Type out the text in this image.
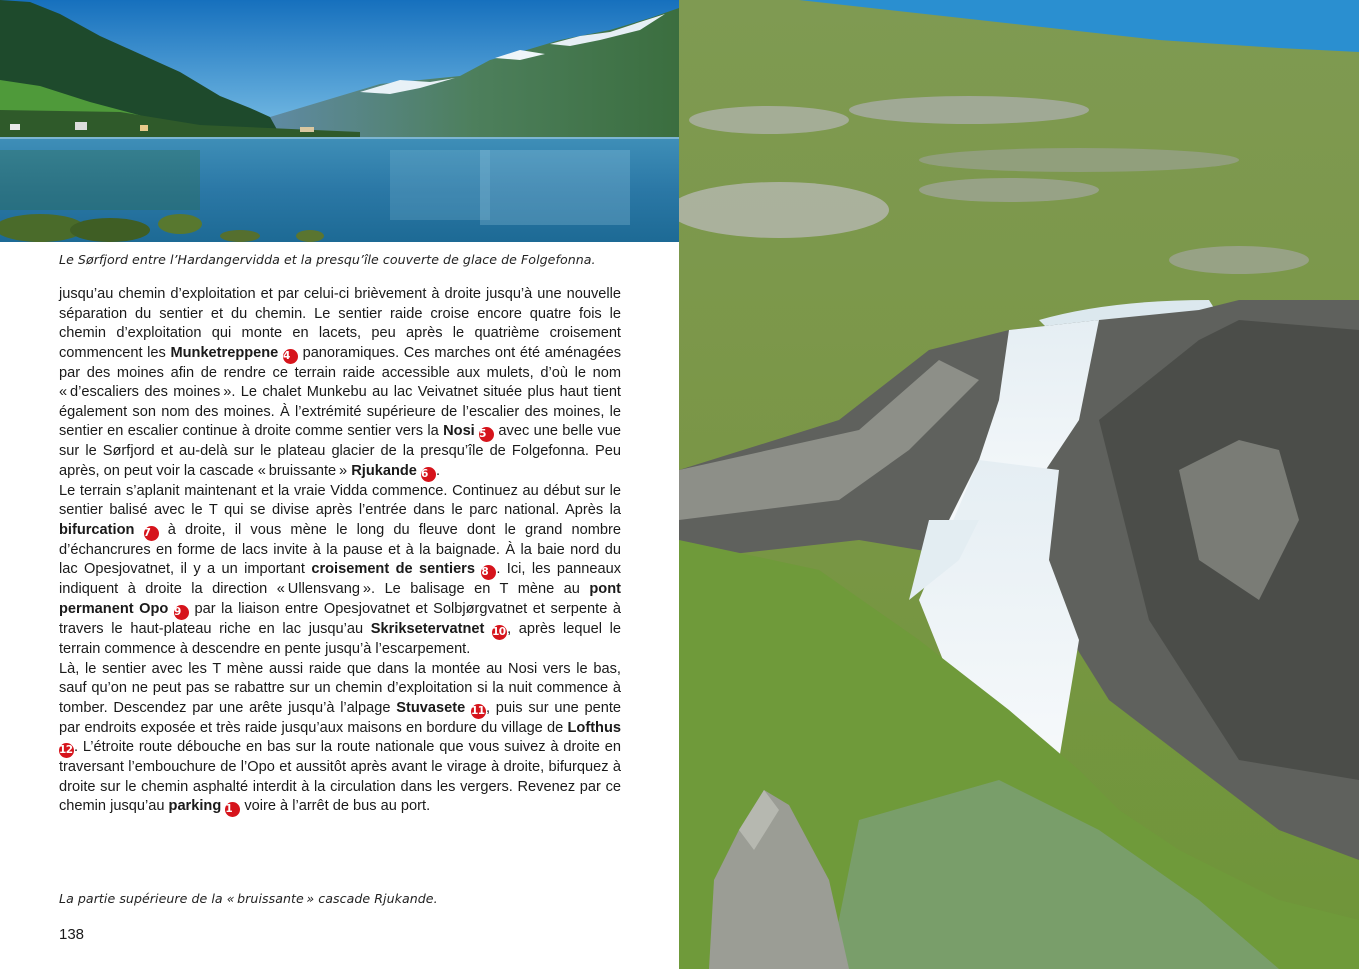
Le Sørfjord entre l’Hardangervidda et la presqu’île couverte de glace de Folgefonna.

jusqu’au chemin d’exploitation et par celui-ci brièvement à droite jusqu’à une nouvelle séparation du sentier et du chemin. Le sentier raide croise encore quatre fois le chemin d’exploitation qui monte en lacets, peu après le quatrième croisement commencent les Munketreppene 4 panoramiques. Ces marches ont été aménagées par des moines afin de rendre ce terrain raide accessible aux mulets, d’où le nom « d’escaliers des moines ». Le chalet Munkebu au lac Veivatnet située plus haut tient également son nom des moines. À l’extrémité supérieure de l’escalier des moines, le sentier en escalier continue à droite comme sentier vers la Nosi 5 avec une belle vue sur le Sørfjord et au-delà sur le plateau glacier de la presqu’île de Folgefonna. Peu après, on peut voir la cascade « bruissante » Rjukande 6 .

Le terrain s’aplanit maintenant et la vraie Vidda commence. Continuez au début sur le sentier balisé avec le T qui se divise après l’entrée dans le parc national. Après la bifurcation 7 à droite, il vous mène le long du fleuve dont le grand nombre d’échancrures en forme de lacs invite à la pause et à la baignade. À la baie nord du lac Opesjovatnet, il y a un important croisement de sentiers 8 . Ici, les panneaux indiquent à droite la direction « Ullensvang ». Le balisage en T mène au pont permanent Opo 9 par la liaison entre Opesjovatnet et Solbjørgvatnet et serpente à travers le haut-plateau riche en lac jusqu’au Skriksetervatnet 10 , après lequel le terrain commence à descendre en pente jusqu’à l’escarpement.

Là, le sentier avec les T mène aussi raide que dans la montée au Nosi vers le bas, sauf qu’on ne peut pas se rabattre sur un chemin d’exploitation si la nuit commence à tomber. Descendez par une arête jusqu’à l’alpage Stuvasete 11 , puis sur une pente par endroits exposée et très raide jusqu’aux maisons en bordure du village de Lofthus 12 . L’étroite route débouche en bas sur la route nationale que vous suivez à droite en traversant l’embouchure de l’Opo et aussitôt après avant le virage à droite, bifurquez à droite sur le chemin asphalté interdit à la circulation dans les vergers. Revenez par ce chemin jusqu’au parking 1 voire à l’arrêt de bus au port.

La partie supérieure de la « bruissante » cascade Rjukande.
138
